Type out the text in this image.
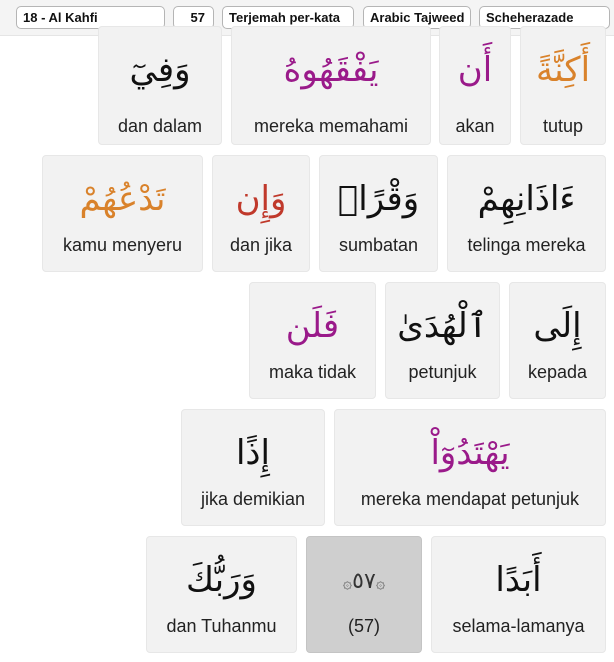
18 - Al Kahfi	57	Terjemah per-kata	Arabic Tajweed	Scheherazade
وَفِيٓ
dan dalam
يَفْقَهُوهُ
mereka memahami
أَن
akan
أَكِنَّةً
tutup
تَدْعُهُمْ
kamu menyeru
وَإِن
dan jika
وَقْرًاۖ
sumbatan
ءَاذَانِهِمْ
telinga mereka
فَلَن
maka tidak
ٱلْهُدَىٰ
petunjuk
إِلَى
kepada
إِذًا
jika demikian
يَهْتَدُوٓاْ
mereka mendapat petunjuk
وَرَبُّكَ
dan Tuhanmu
۞٥٧۞
(57)
أَبَدًا
selama-lamanya
